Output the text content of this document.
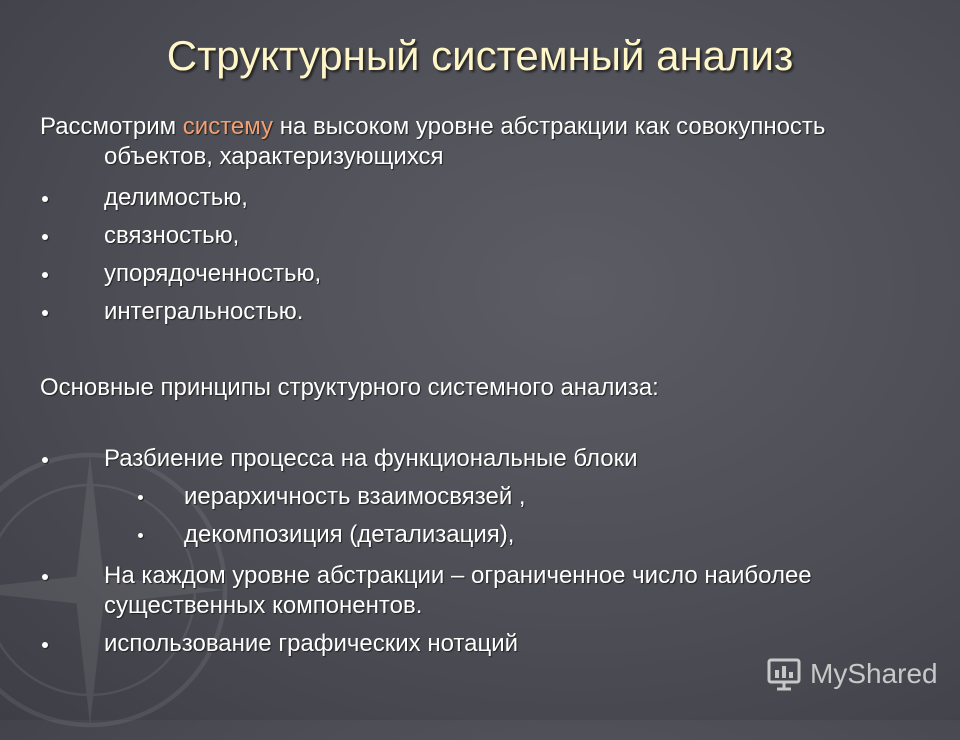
Структурный системный анализ
Рассмотрим систему на высоком уровне абстракции как совокупность
объектов, характеризующихся
делимостью,
связностью,
упорядоченностью,
интегральностью.
Основные принципы структурного системного анализа:
Разбиение процесса на функциональные блоки
иерархичность взаимосвязей ,
декомпозиция (детализация),
На каждом уровне абстракции – ограниченное число наиболее
существенных компонентов.
использование графических нотаций
MyShared
